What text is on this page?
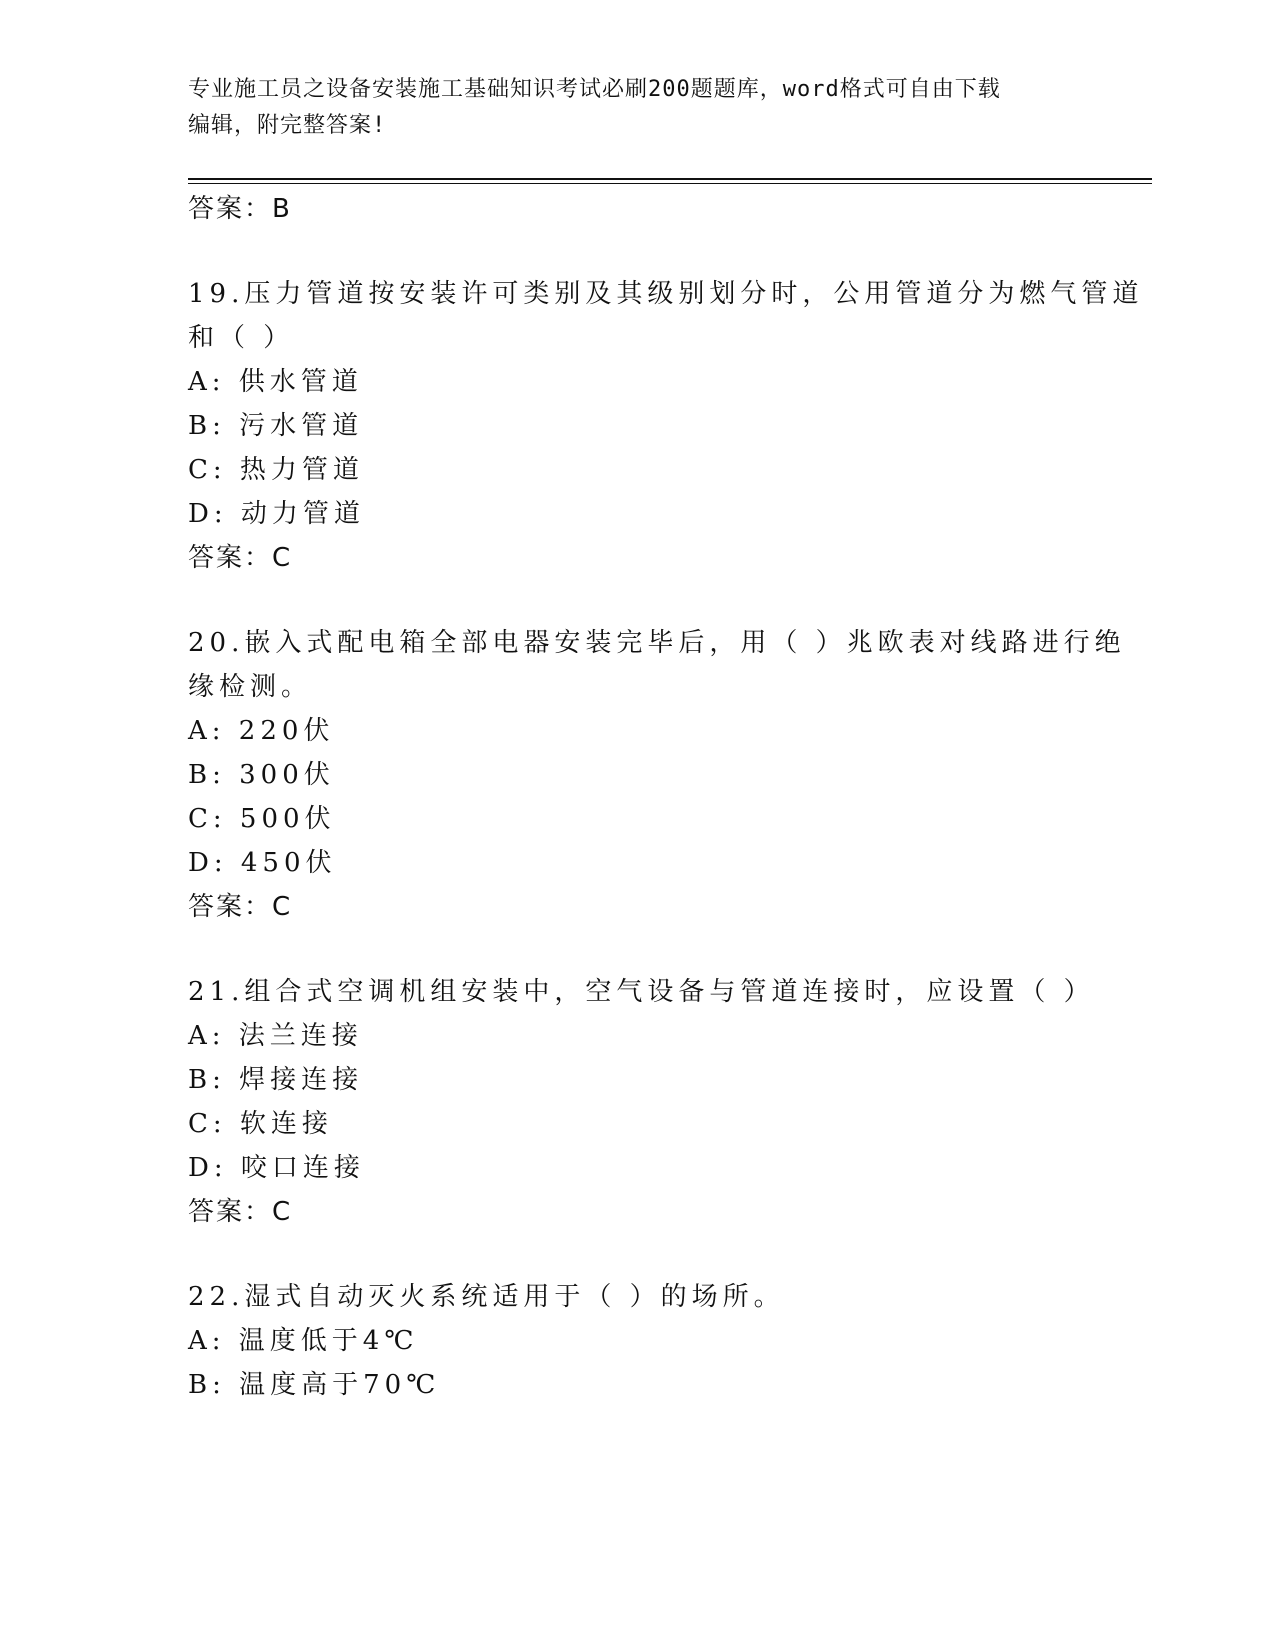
专业施工员之设备安装施工基础知识考试必刷200题题库，word格式可自由下载
编辑，附完整答案!
答案：B
19.压力管道按安装许可类别及其级别划分时，公用管道分为燃气管道
和（ ）
A: 供水管道
B: 污水管道
C: 热力管道
D: 动力管道
答案：C
20.嵌入式配电箱全部电器安装完毕后，用（ ）兆欧表对线路进行绝
缘检测。
A: 220伏
B: 300伏
C: 500伏
D: 450伏
答案：C
21.组合式空调机组安装中，空气设备与管道连接时，应设置（ ）
A: 法兰连接
B: 焊接连接
C: 软连接
D: 咬口连接
答案：C
22.湿式自动灭火系统适用于（ ）的场所。
A: 温度低于4℃
B: 温度高于70℃
